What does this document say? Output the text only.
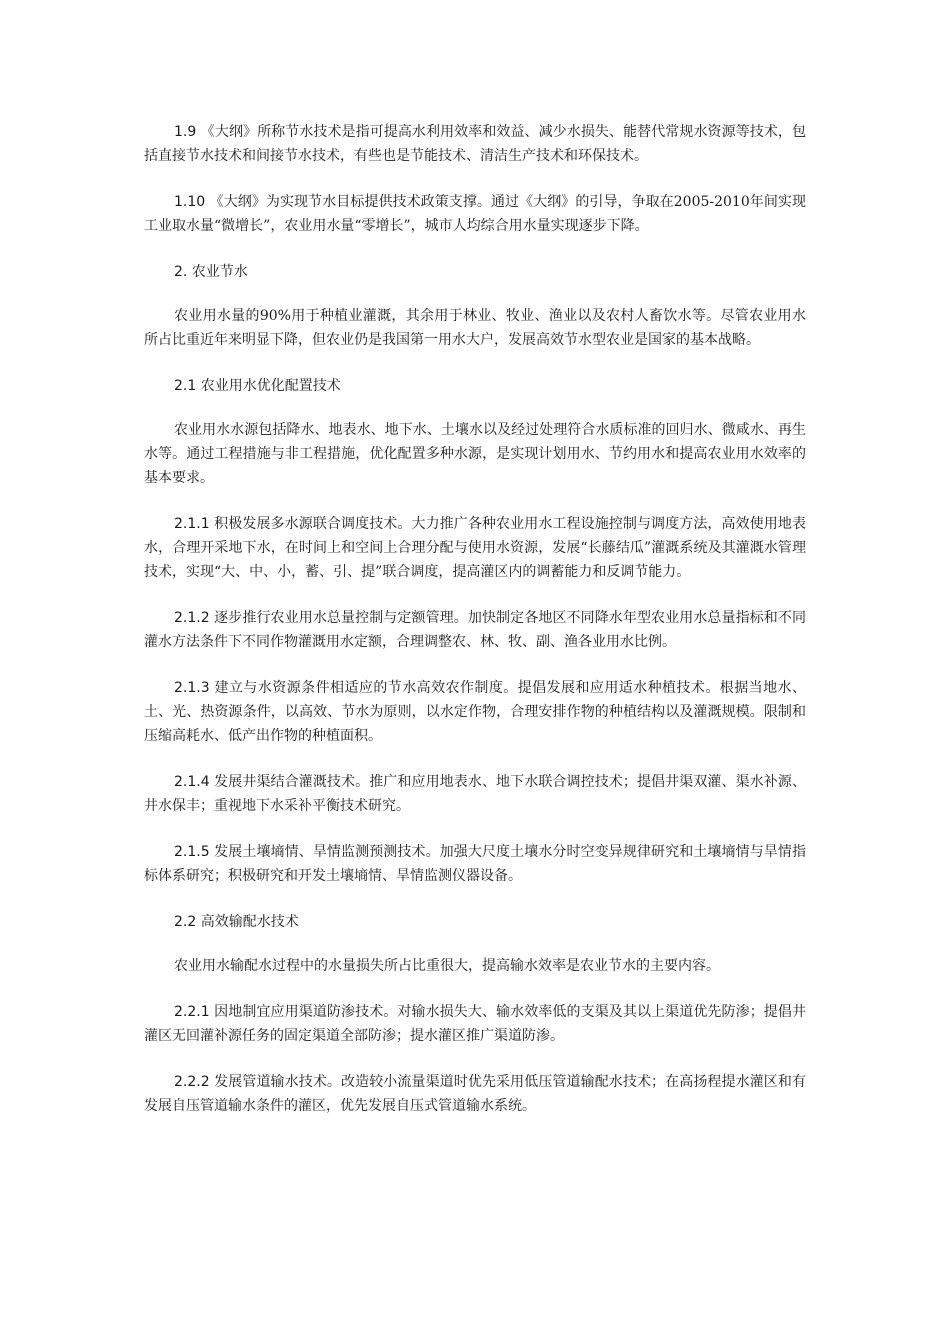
1.9 《大纲》所称节水技术是指可提高水利用效率和效益、减少水损失、能替代常规水资源等技术，包括直接节水技术和间接节水技术，有些也是节能技术、清洁生产技术和环保技术。

1.10 《大纲》为实现节水目标提供技术政策支撑。通过《大纲》的引导，争取在2005-2010年间实现工业取水量“微增长”，农业用水量“零增长”，城市人均综合用水量实现逐步下降。

2. 农业节水

农业用水量的90%用于种植业灌溉，其余用于林业、牧业、渔业以及农村人畜饮水等。尽管农业用水所占比重近年来明显下降，但农业仍是我国第一用水大户，发展高效节水型农业是国家的基本战略。

2.1 农业用水优化配置技术

农业用水水源包括降水、地表水、地下水、土壤水以及经过处理符合水质标准的回归水、微咸水、再生水等。通过工程措施与非工程措施，优化配置多种水源，是实现计划用水、节约用水和提高农业用水效率的基本要求。

2.1.1 积极发展多水源联合调度技术。大力推广各种农业用水工程设施控制与调度方法，高效使用地表水，合理开采地下水，在时间上和空间上合理分配与使用水资源，发展“长藤结瓜”灌溉系统及其灌溉水管理技术，实现“大、中、小，蓄、引、提”联合调度，提高灌区内的调蓄能力和反调节能力。

2.1.2 逐步推行农业用水总量控制与定额管理。加快制定各地区不同降水年型农业用水总量指标和不同灌水方法条件下不同作物灌溉用水定额，合理调整农、林、牧、副、渔各业用水比例。

2.1.3 建立与水资源条件相适应的节水高效农作制度。提倡发展和应用适水种植技术。根据当地水、土、光、热资源条件，以高效、节水为原则，以水定作物，合理安排作物的种植结构以及灌溉规模。限制和压缩高耗水、低产出作物的种植面积。

2.1.4 发展井渠结合灌溉技术。推广和应用地表水、地下水联合调控技术；提倡井渠双灌、渠水补源、井水保丰；重视地下水采补平衡技术研究。

2.1.5 发展土壤墒情、旱情监测预测技术。加强大尺度土壤水分时空变异规律研究和土壤墒情与旱情指标体系研究；积极研究和开发土壤墒情、旱情监测仪器设备。

2.2 高效输配水技术

农业用水输配水过程中的水量损失所占比重很大，提高输水效率是农业节水的主要内容。

2.2.1 因地制宜应用渠道防渗技术。对输水损失大、输水效率低的支渠及其以上渠道优先防渗；提倡井灌区无回灌补源任务的固定渠道全部防渗；提水灌区推广渠道防渗。

2.2.2 发展管道输水技术。改造较小流量渠道时优先采用低压管道输配水技术；在高扬程提水灌区和有发展自压管道输水条件的灌区，优先发展自压式管道输水系统。
